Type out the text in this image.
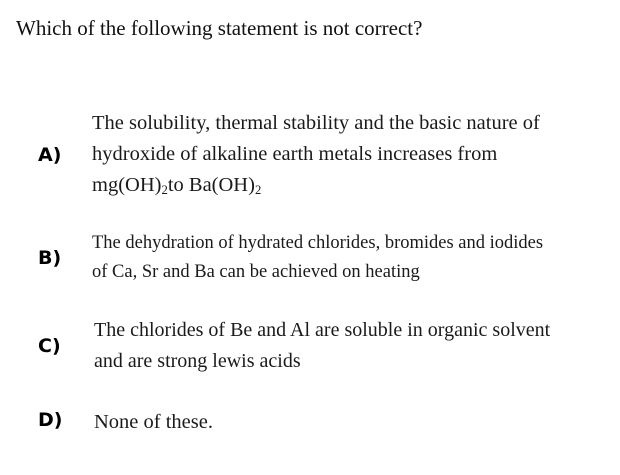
Which of the following statement is not correct?
A)
The solubility, thermal stability and the basic nature of
hydroxide of alkaline earth metals increases from
$mg(OH)_2to$ $Ba(OH)_2$
B)
The dehydration of hydrated chlorides, bromides and iodides
of Ca, Sr and Ba can be achieved on heating
C)
The chlorides of Be and Al are soluble in organic solvent
and are strong lewis acids
D) None of these.
